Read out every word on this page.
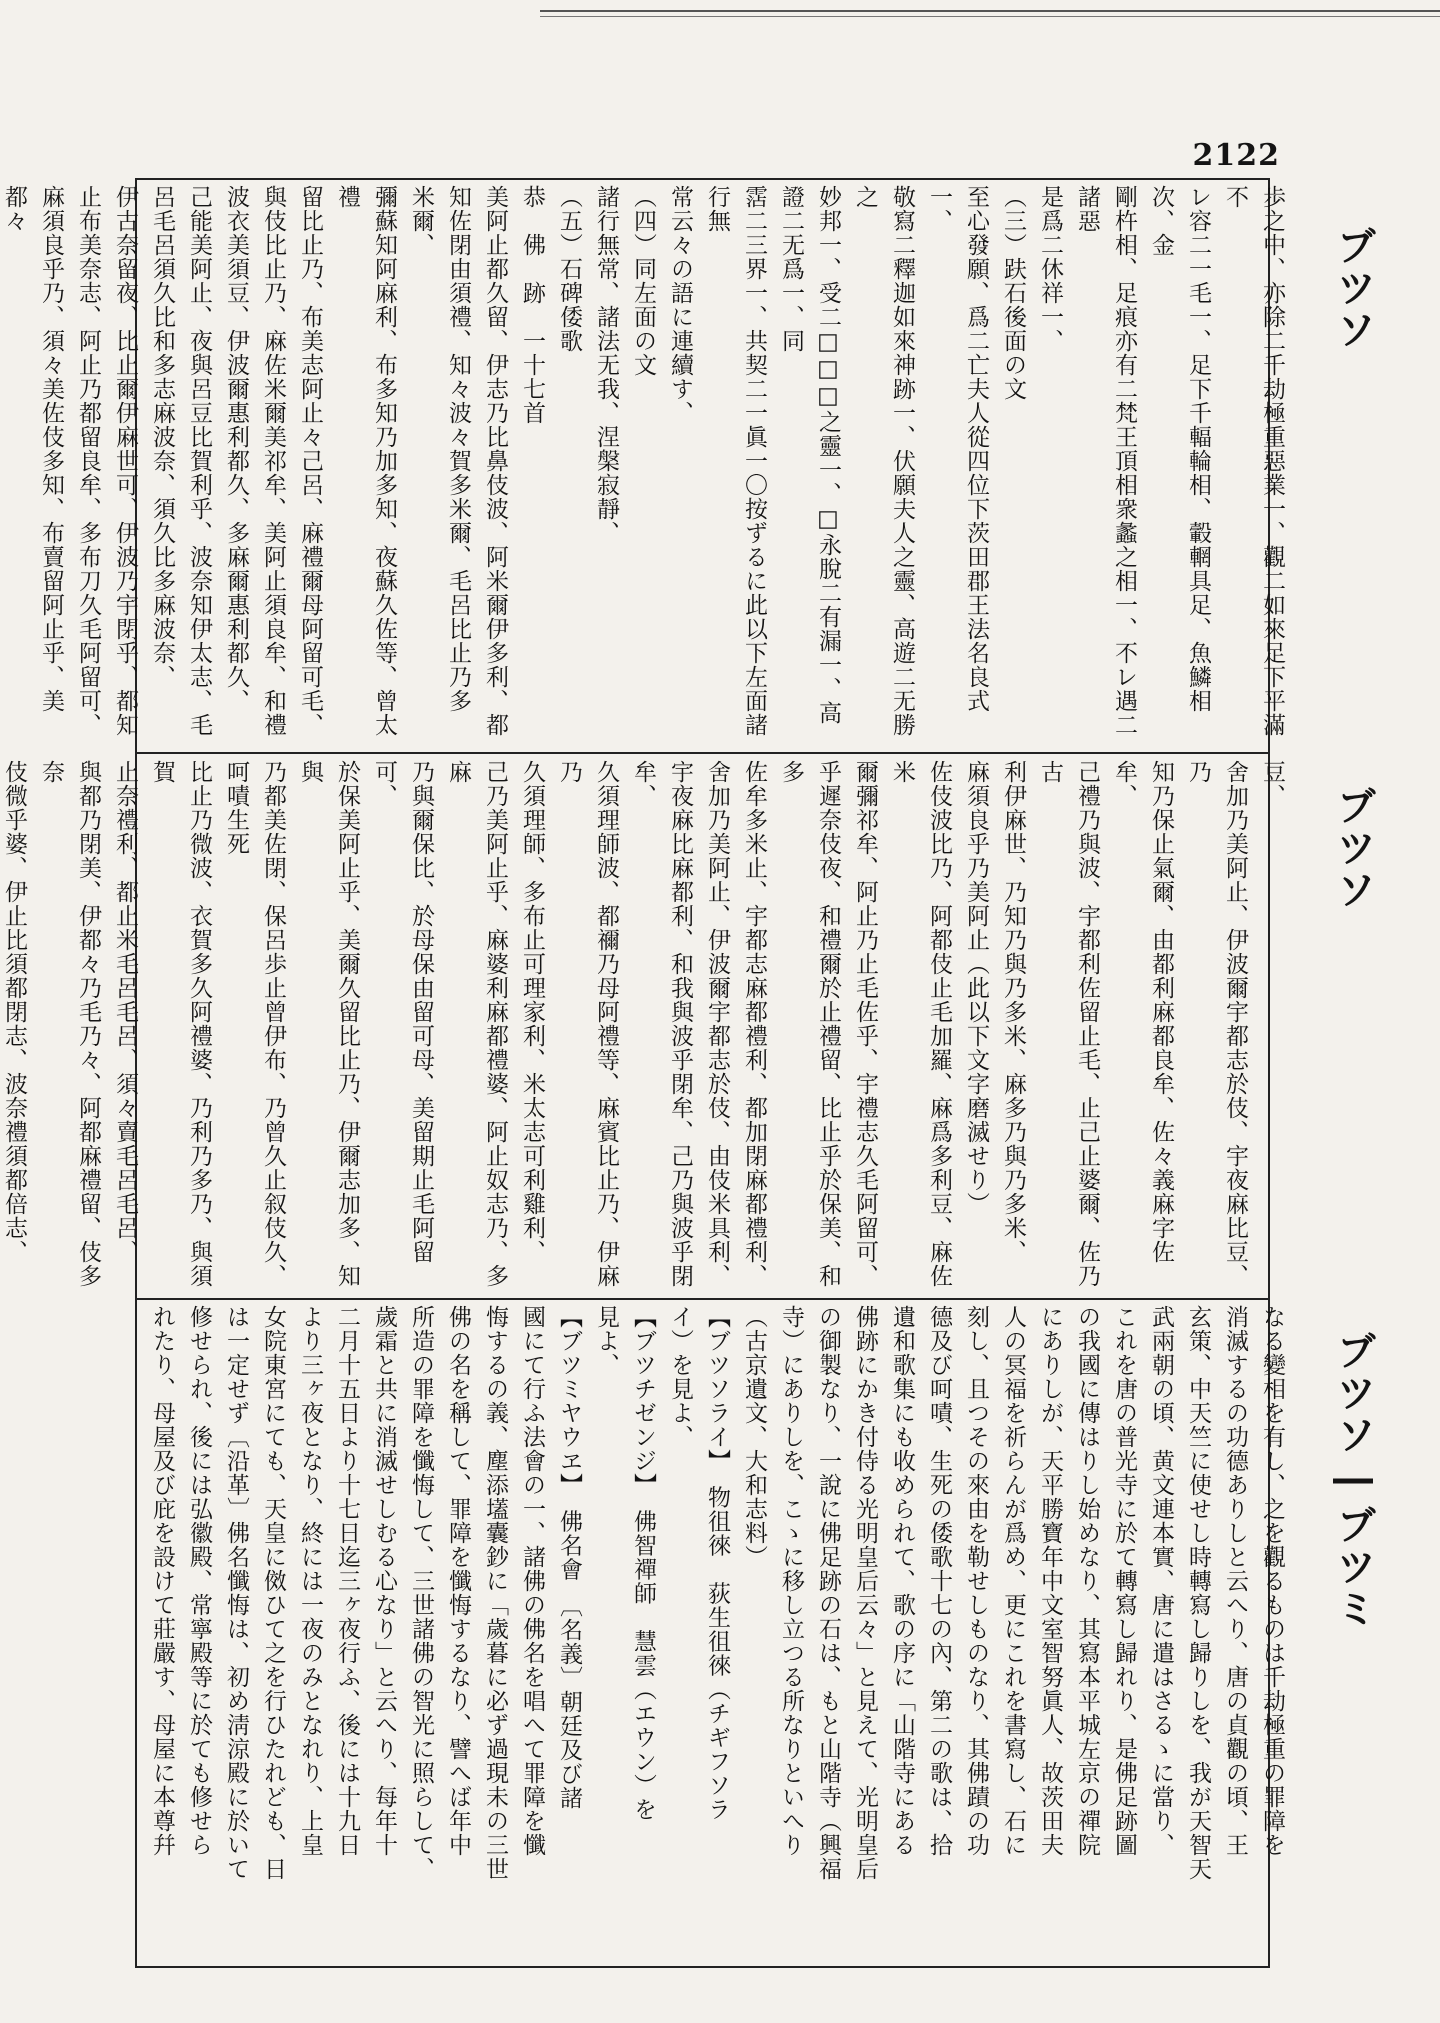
2122
ブツソ
ブツソ
ブツソ―ブツミ
歩之中、亦除二千劫極重惡業一、觀二如來足下平滿不
レ容二一毛一、足下千輻輪相、轂輞具足、魚鱗相次、金
剛杵相、足痕亦有二梵王頂相衆蠡之相一、不レ遇二諸惡
是爲二休祥一、
（三）趺石後面の文
至心發願、爲二亡夫人從四位下茨田郡王法名良式一、
敬寫二釋迦如來神跡一、伏願夫人之靈、高遊二无勝之
妙邦一、受二□□□之靈一、□永脫二有漏一、高證二无爲一、同
霑二三界一、共契二一眞一〇按ずるに此以下左面諸行無
常云々の語に連續す、
（四）同左面の文
諸行無常、諸法无我、涅槃寂靜、
（五）石碑倭歌
恭　佛　跡　一十七首
美阿止都久留、伊志乃比鼻伎波、阿米爾伊多利、都
知佐閉由須禮、知々波々賀多米爾、毛呂比止乃多
米爾、
彌蘇知阿麻利、布多知乃加多知、夜蘇久佐等、曾太禮
留比止乃、布美志阿止々己呂、麻禮爾母阿留可毛、
與伎比止乃、麻佐米爾美祁牟、美阿止須良牟、和禮
波衣美須豆、伊波爾惠利都久、多麻爾惠利都久、
己能美阿止、夜與呂豆比賀利乎、波奈知伊太志、毛
呂毛呂須久比和多志麻波奈、須久比多麻波奈、
伊古奈留夜、比止爾伊麻世可、伊波乃宇閉乎、都知
止布美奈志、阿止乃都留良牟、多布刀久毛阿留可、
麻須良乎乃、須々美佐伎多知、布賣留阿止乎、美都々
豆、
舍加乃美阿止、伊波爾宇都志於伎、宇夜麻比豆、乃
知乃保止氣爾、由都利麻都良牟、佐々義麻字佐牟、
己禮乃與波、宇都利佐留止毛、止己止婆爾、佐乃古
利伊麻世、乃知乃與乃多米、麻多乃與乃多米、
麻須良乎乃美阿止（此以下文字磨滅せり）
佐伎波比乃、阿都伎止毛加羅、麻爲多利豆、麻佐米
爾彌祁牟、阿止乃止毛佐乎、宇禮志久毛阿留可、
乎遲奈伎夜、和禮爾於止禮留、比止乎於保美、和多
佐牟多米止、宇都志麻都禮利、都加閉麻都禮利、
舍加乃美阿止、伊波爾宇都志於伎、由伎米具利、
宇夜麻比麻都利、和我與波乎閉牟、己乃與波乎閉
牟、
久須理師波、都禰乃母阿禮等、麻賓比止乃、伊麻乃
久須理師、多布止可理家利、米太志可利雞利、
己乃美阿止乎、麻婆利麻都禮婆、阿止奴志乃、多麻
乃與爾保比、於母保由留可母、美留期止毛阿留可、
於保美阿止乎、美爾久留比止乃、伊爾志加多、知與
乃都美佐閉、保呂歩止曾伊布、乃曾久止叙伎久、
呵嘖生死
比止乃微波、衣賀多久阿禮婆、乃利乃多乃、與須賀
止奈禮利、都止米毛呂毛呂、須々賣毛呂毛呂、
與都乃閉美、伊都々乃毛乃々、阿都麻禮留、伎多奈
伎微乎婆、伊止比須都閉志、波奈禮須都倍志、
なる變相を有し、之を觀るものは千劫極重の罪障を
消滅するの功德ありしと云へり、唐の貞觀の頃、王
玄策、中天竺に使せし時轉寫し歸りしを、我が天智天
武兩朝の頃、黄文連本實、唐に遣はさるゝに當り、
これを唐の普光寺に於て轉寫し歸れり、是佛足跡圖
の我國に傳はりし始めなり、其寫本平城左京の禪院
にありしが、天平勝寶年中文室智努眞人、故茨田夫
人の冥福を祈らんが爲め、更にこれを書寫し、石に
刻し、且つその來由を勒せしものなり、其佛蹟の功
德及び呵嘖、生死の倭歌十七の內、第二の歌は、拾
遺和歌集にも收められて、歌の序に「山階寺にある
佛跡にかき付侍る光明皇后云々」と見えて、光明皇后
の御製なり、一說に佛足跡の石は、もと山階寺（興福
寺）にありしを、こゝに移し立つる所なりといへり
（古京遺文、大和志料）
【ブツソライ】　物徂徠　荻生徂徠（チギフソラ
イ）を見よ、
【ブツチゼンジ】　佛智禪師　慧雲（エウン）を
見よ、
【ブツミヤウヱ】　佛名會　〔名義〕朝廷及び諸
國にて行ふ法會の一、諸佛の佛名を唱へて罪障を懺
悔するの義、塵添壒囊鈔に「歲暮に必ず過現未の三世
佛の名を稱して、罪障を懺悔するなり、譬へば年中
所造の罪障を懺悔して、三世諸佛の智光に照らして、
歲霜と共に消滅せしむる心なり」と云へり、每年十
二月十五日より十七日迄三ヶ夜行ふ、後には十九日
より三ヶ夜となり、終には一夜のみとなれり、上皇
女院東宮にても、天皇に傚ひて之を行ひたれども、日
は一定せず〔沿革〕佛名懺悔は、初め淸涼殿に於いて
修せられ、後には弘徽殿、常寧殿等に於ても修せら
れたり、母屋及び庇を設けて莊嚴す、母屋に本尊幷
